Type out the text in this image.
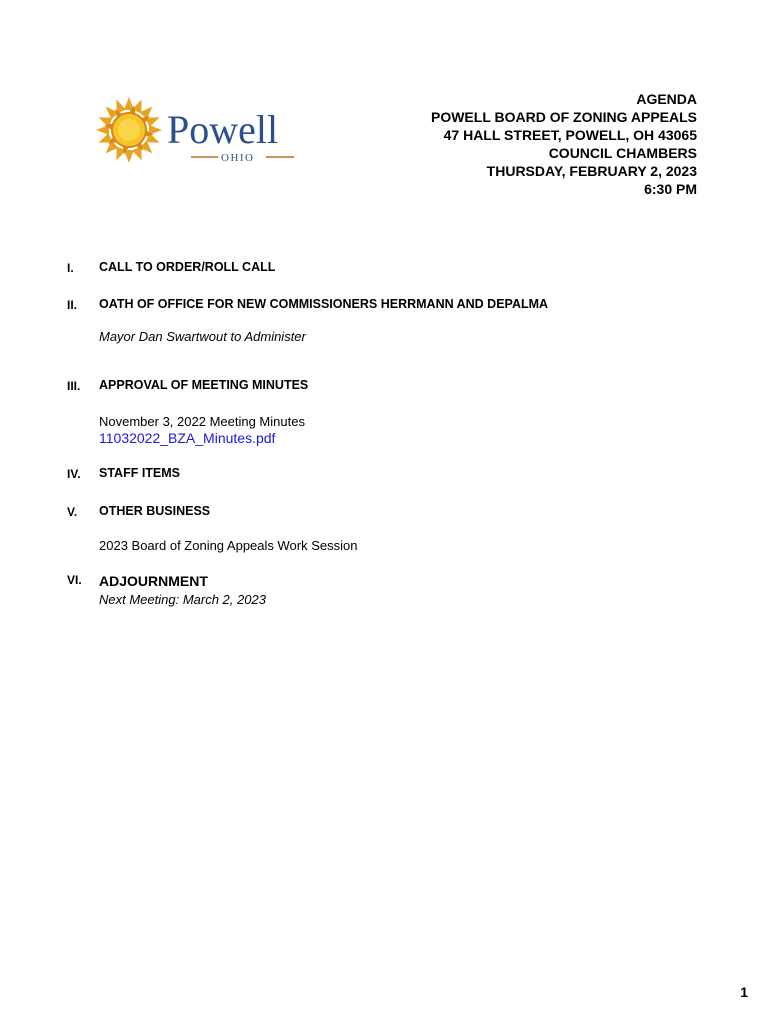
Powell
OHIO
AGENDA
POWELL BOARD OF ZONING APPEALS
47 HALL STREET, POWELL, OH 43065
COUNCIL CHAMBERS
THURSDAY, FEBRUARY 2, 2023
6:30 PM
I. CALL TO ORDER/ROLL CALL
II. OATH OF OFFICE FOR NEW COMMISSIONERS HERRMANN AND DEPALMA
Mayor Dan Swartwout to Administer
III. APPROVAL OF MEETING MINUTES
November 3, 2022 Meeting Minutes
11032022_BZA_Minutes.pdf
IV. STAFF ITEMS
V. OTHER BUSINESS
2023 Board of Zoning Appeals Work Session
VI. ADJOURNMENT
Next Meeting: March 2, 2023
1
